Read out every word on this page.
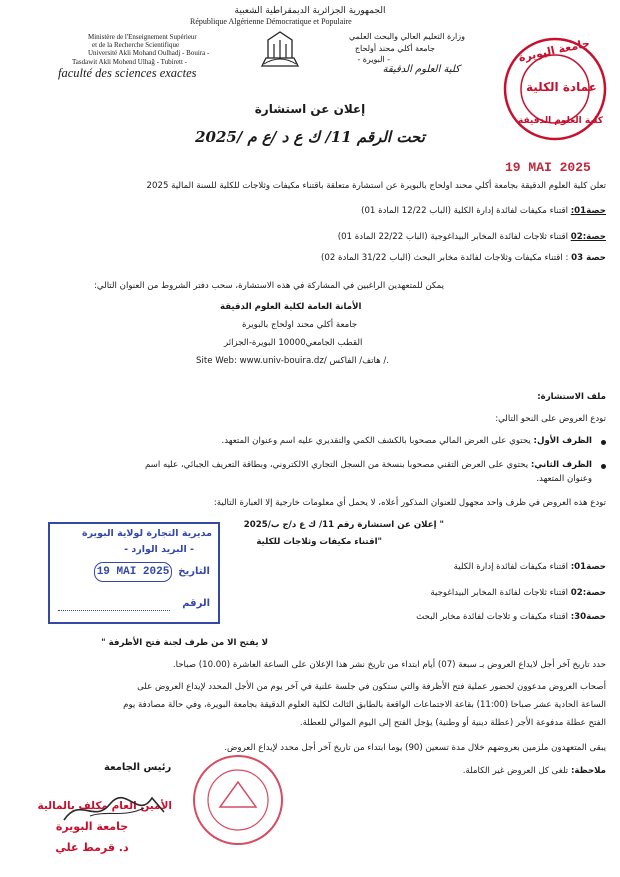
الجمهورية الجزائرية الديمقراطية الشعبية
République Algérienne Démocratique et Populaire
Ministère de l'Enseignement Supérieur
et de la Recherche Scientifique
Université Akli Mohand Oulhadj - Bouira -
Tasdawit Akli Mohend Ulhağ - Tubirett -
faculté des sciences exactes
وزارة التعليم العالي والبحث العلمي
جامعة أكلي محند أولحاج
- البويرة -
كلية العلوم الدقيقة
جامعة البويرة
عمادة الكلية
كلية العلوم الدقيقة
إعلان عن استشارة
تحت الرقم 11/ ك ع د /ع م /2025
19 MAI 2025
تعلن كلية العلوم الدقيقة بجامعة أكلي محند اولحاج بالبويرة عن استشارة متعلقة باقتناء مكيفات وثلاجات للكلية للسنة المالية 2025
حصة01: اقتناء مكيفات لفائدة إدارة الكلية (الباب 12/22 المادة 01)
حصة:02 اقتناء ثلاجات لفائدة المخابر البيداغوجية (الباب 22/22 المادة 01)
حصة 03 : اقتناء مكيفات وثلاجات لفائدة مخابر البحث (الباب 31/22 المادة 02)
يمكن للمتعهدين الراغبين في المشاركة في هذه الاستشارة، سحب دفتر الشروط من العنوان التالي:
الأمانة العامة لكلية العلوم الدقيقة
جامعة أكلي محند اولحاج بالبويرة
القطب الجامعي10000 البويرة-الجزائر
Site Web: www.univ-bouira.dz/ هاتف/ الفاكس /.
ملف الاستشارة:
تودع العروض على النحو التالي:
الظرف الأول: يحتوي على العرض المالي مصحوبا بالكشف الكمي والتقديري عليه اسم وعنوان المتعهد.
الظرف الثاني: يحتوي على العرض التقني مصحوبا بنسخة من السجل التجاري الالكتروني، وبطاقة التعريف الجبائي، عليه اسم
وعنوان المتعهد.
تودع هذه العروض في ظرف واحد مجهول للعنوان المذكور أعلاه، لا يحمل أي معلومات خارجية إلا العبارة التالية:
" إعلان عن استشارة رقم 11/ ك ع د/ج ب/2025
"اقتناء مكيفات وثلاجات للكلية
مديرية التجارة لولاية البويرة
- البريد الوارد -
التاريخ
19 MAI 2025
الرقم
حصة01: اقتناء مكيفات لفائدة إدارة الكلية
حصة:02 اقتناء ثلاجات لفائدة المخابر البيداغوجية
حصة30: اقتناء مكيفات و ثلاجات لفائدة مخابر البحث
لا يفتح الا من طرف لجنة فتح الأظرفة "
حدد تاريخ آخر أجل لايداع العروض بـ سبعة (07) أيام ابتداء من تاريخ نشر هذا الإعلان على الساعة العاشرة (10.00) صباحا.
أصحاب العروض مدعوون لحضور عملية فتح الأظرفة والتي ستكون في جلسة علنية في آخر يوم من الأجل المحدد لإيداع العروض على
الساعة الحادية عشر صباحا (11:00) بقاعة الاجتماعات الواقعة بالطابق الثالث لكلية العلوم الدقيقة بجامعة البويرة، وفي حالة مصادفة يوم
الفتح عطلة مدفوعة الأجر (عطلة دينية أو وطنية) يؤجل الفتح إلى اليوم الموالي للعطلة.
يبقى المتعهدون ملزمين بعروضهم خلال مدة تسعين (90) يوما ابتداء من تاريخ آخر أجل محدد لإيداع العروض.
ملاحظة: تلغى كل العروض غير الكاملة.
رئيس الجامعة
الأمين العام مكلف بالمالية
جامعة البويرة
د. قرمط علي
